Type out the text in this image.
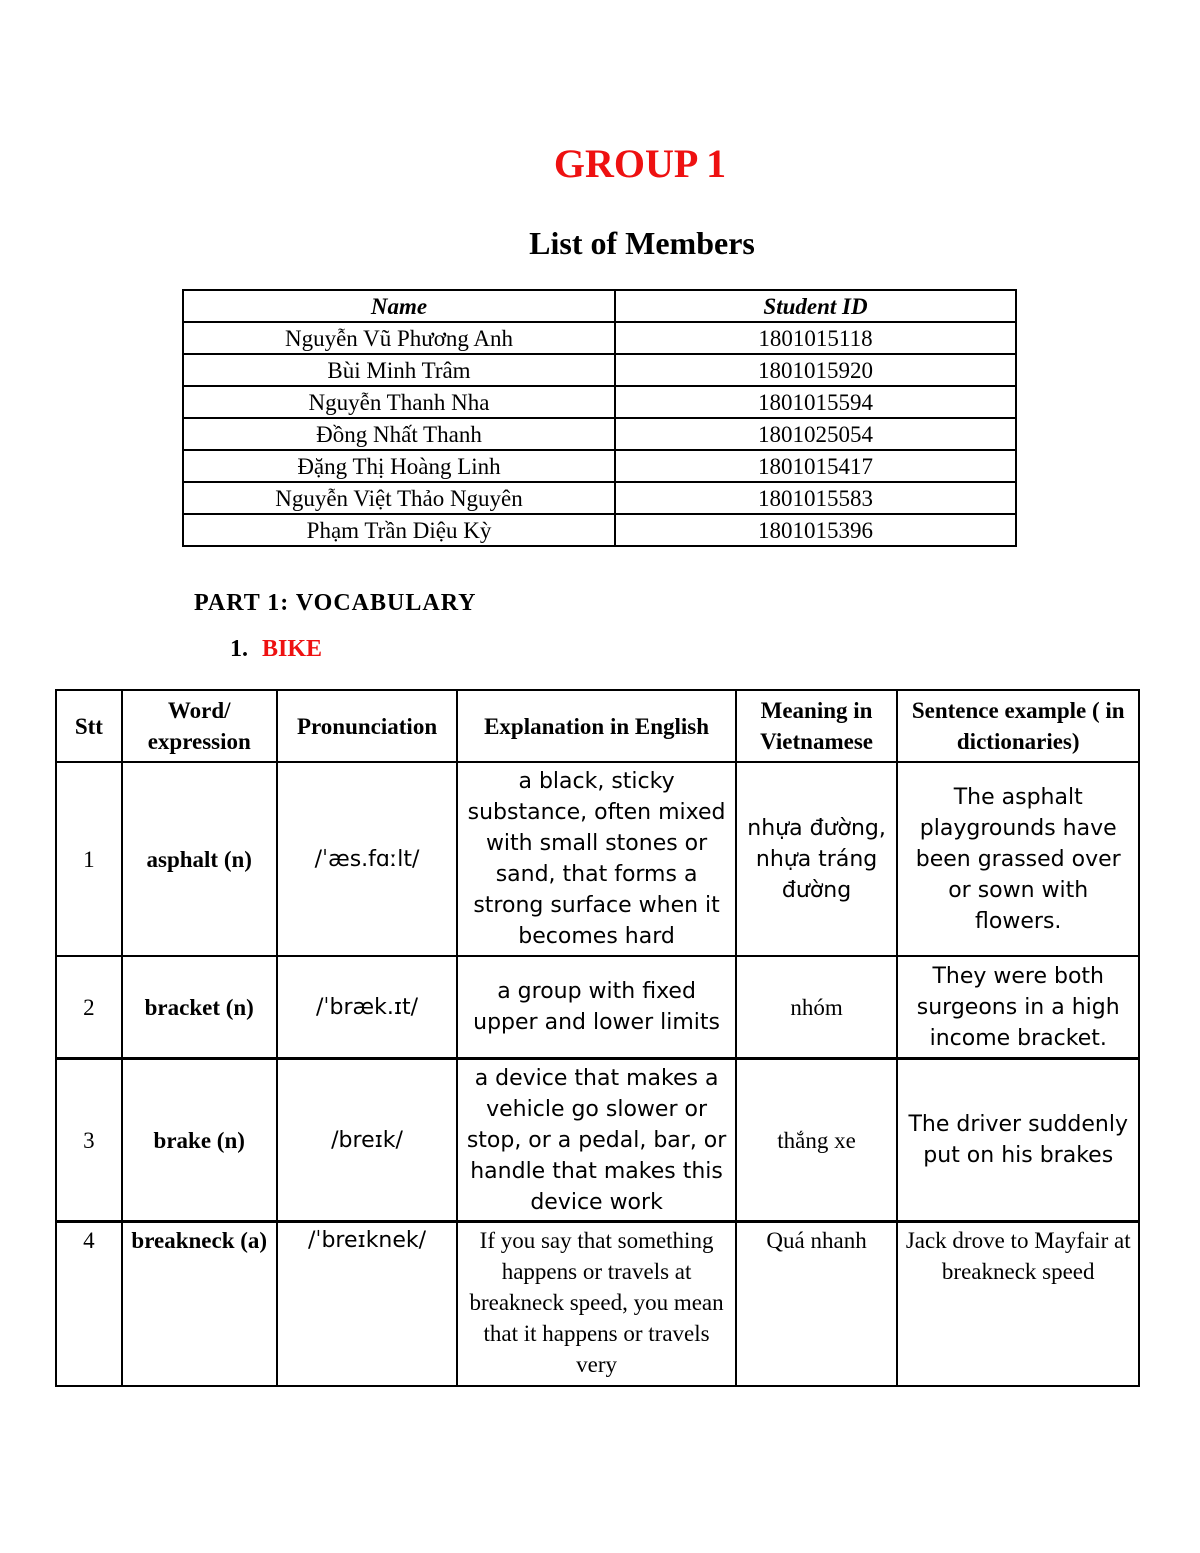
GROUP 1
List of Members
Name	Student ID
Nguyễn Vũ Phương Anh	1801015118
Bùi Minh Trâm	1801015920
Nguyễn Thanh Nha	1801015594
Đồng Nhất Thanh	1801025054
Đặng Thị Hoàng Linh	1801015417
Nguyễn Việt Thảo Nguyên	1801015583
Phạm Trần Diệu Kỳ	1801015396
PART 1: VOCABULARY
1. BIKE
Stt	Word/ expression	Pronunciation	Explanation in English	Meaning in Vietnamese	Sentence example ( in dictionaries)
1	asphalt (n)	/ˈæs.fɑːlt/	a black, sticky substance, often mixed with small stones or sand, that forms a strong surface when it becomes hard	nhựa đường, nhựa tráng đường	The asphalt playgrounds have been grassed over or sown with flowers.
2	bracket (n)	/ˈbræk.ɪt/	a group with fixed upper and lower limits	nhóm	They were both surgeons in a high income bracket.
3	brake (n)	/breɪk/	a device that makes a vehicle go slower or stop, or a pedal, bar, or handle that makes this device work	thắng xe	The driver suddenly put on his brakes
4	breakneck (a)	/ˈbreɪknek/	If you say that something happens or travels at breakneck speed, you mean that it happens or travels very	Quá nhanh	Jack drove to Mayfair at breakneck speed
